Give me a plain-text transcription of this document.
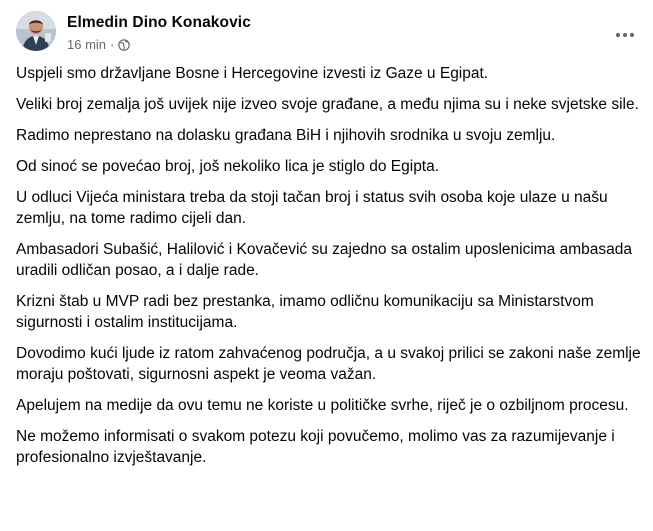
Elmedin Dino Konakovic
16 min ·

Uspjeli smo državljane Bosne i Hercegovine izvesti iz Gaze u Egipat.

Veliki broj zemalja još uvijek nije izveo svoje građane, a među njima su i neke svjetske sile.

Radimo neprestano na dolasku građana BiH i njihovih srodnika u svoju zemlju.

Od sinoć se povećao broj, još nekoliko lica je stiglo do Egipta.

U odluci Vijeća ministara treba da stoji tačan broj i status svih osoba koje ulaze u našu zemlju, na tome radimo cijeli dan.

Ambasadori Subašić, Halilović i Kovačević su zajedno sa ostalim uposlenicima ambasada uradili odličan posao, a i dalje rade.

Krizni štab u MVP radi bez prestanka, imamo odličnu komunikaciju sa Ministarstvom sigurnosti i ostalim institucijama.

Dovodimo kući ljude iz ratom zahvaćenog područja, a u svakoj prilici se zakoni naše zemlje moraju poštovati, sigurnosni aspekt je veoma važan.

Apelujem na medije da ovu temu ne koriste u političke svrhe, riječ je o ozbiljnom procesu.

Ne možemo informisati o svakom potezu koji povučemo, molimo vas za razumijevanje i profesionalno izvještavanje.
